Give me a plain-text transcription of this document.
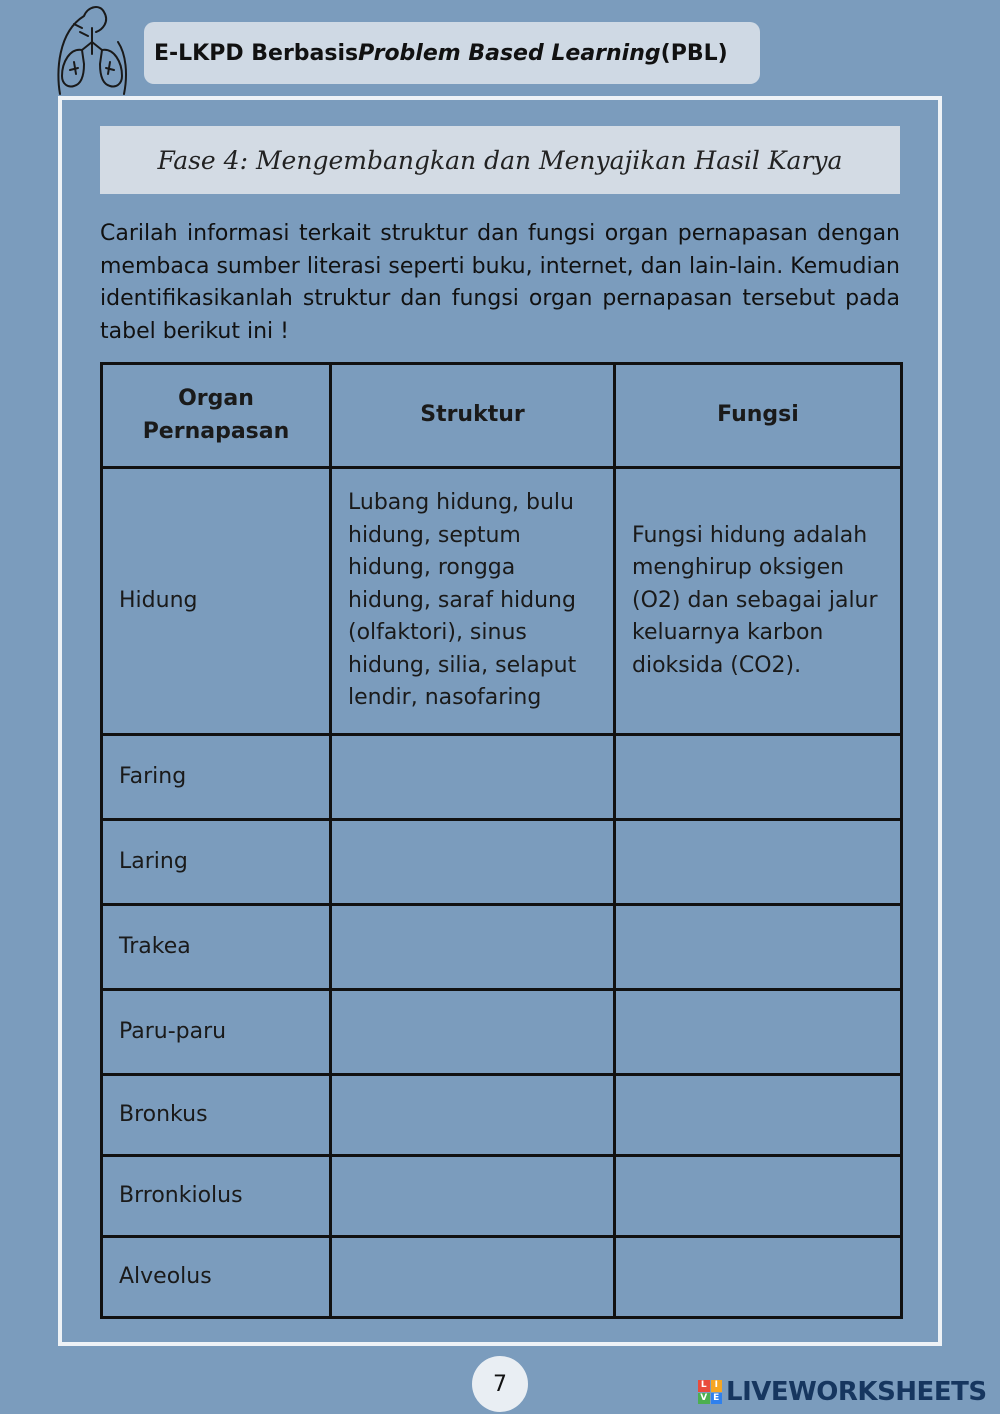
E-LKPD Berbasis Problem Based Learning (PBL)
Fase 4: Mengembangkan dan Menyajikan Hasil Karya

Carilah informasi terkait struktur dan fungsi organ pernapasan dengan membaca sumber literasi seperti buku, internet, dan lain-lain. Kemudian identifikasikanlah struktur dan fungsi organ pernapasan tersebut pada tabel berikut ini !

Organ Pernapasan	Struktur	Fungsi
Hidung	Lubang hidung, bulu hidung, septum hidung, rongga hidung, saraf hidung (olfaktori), sinus hidung, silia, selaput lendir, nasofaring	Fungsi hidung adalah menghirup oksigen (O2) dan sebagai jalur keluarnya karbon dioksida (CO2).
Faring		
Laring		
Trakea		
Paru-paru		
Bronkus		
Brronkiolus		
Alveolus		
7	L I
V E LIVEWORKSHEETS
